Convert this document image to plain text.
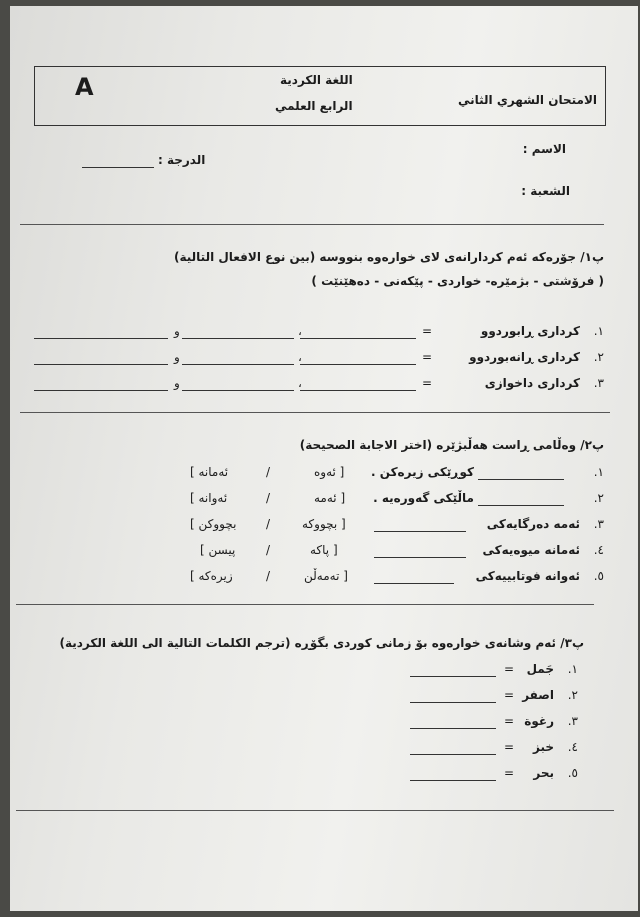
A	اللغة الكردية
الرابع العلمي	الامتحان الشهري الثاني
الاسم :
الدرجة :
الشعبة :
پ١/ جۆرەکە ئەم کردارانەی لای خوارەوە بنووسە (بين نوع الافعال التالية)
( فرۆشتی - بژمێرە- خواردی - پێکەنی - دەهێنێت )
١.
کرداری ڕابوردوو
=
،
و
٢.
کرداری ڕانەبوردوو
=
،
و
٣.
کرداری داخوازی
=
،
و
پ٢/ وەڵامی ڕاست هەڵبژێرە (اختر الاجابة الصحيحة)
١.
کوڕێکی زیرەکن .
[ ئەوە
/
ئەمانە ]
٢.
ماڵێکی گەورەیە .
[ ئەمە
/
ئەوانە ]
٣.
ئەمە دەرگایەکی
[ بچووکە
/
بچووکن ]
٤.
ئەمانە میوەیەکی
[ پاکە
/
پیسن ]
٥.
ئەوانە فوتابییەکی
[ تەمەڵن
/
زیرەکە ]
پ٣/ ئەم وشانەی خوارەوە بۆ زمانی کوردی بگۆڕە (ترجم الكلمات التالية الى اللغة الكردية)
١.
جَمل
=
٢.
اصفر
=
٣.
رغوة
=
٤.
خبز
=
٥.
بحر
=
